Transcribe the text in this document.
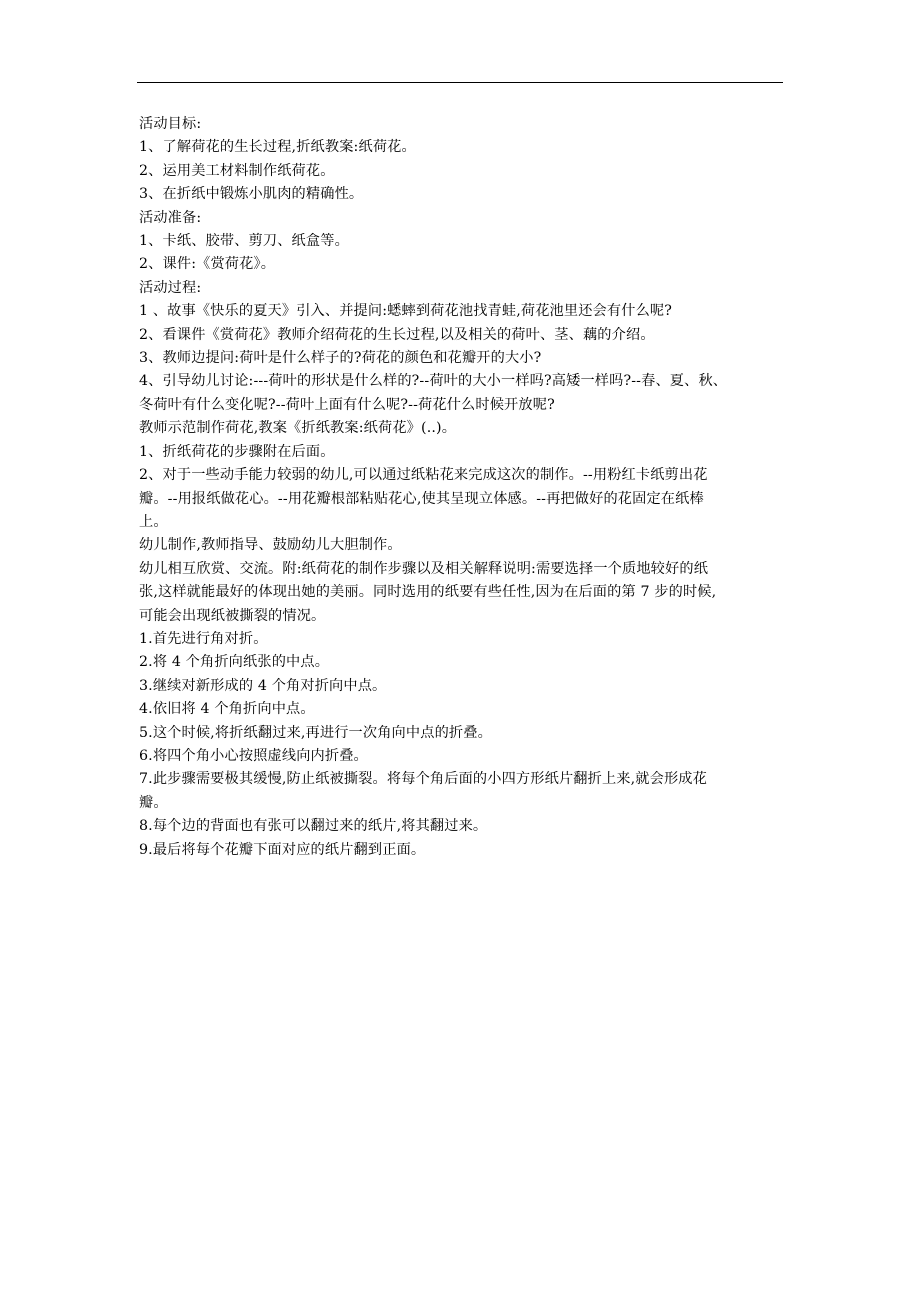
活动目标:
1、了解荷花的生长过程,折纸教案:纸荷花。
2、运用美工材料制作纸荷花。
3、在折纸中锻炼小肌肉的精确性。
活动准备:
1、卡纸、胶带、剪刀、纸盒等。
2、课件:《赏荷花》。
活动过程:
1 、故事《快乐的夏天》引入、并提问:蟋蟀到荷花池找青蛙,荷花池里还会有什么呢?
2、看课件《赏荷花》教师介绍荷花的生长过程,以及相关的荷叶、茎、藕的介绍。
3、教师边提问:荷叶是什么样子的?荷花的颜色和花瓣开的大小?
4、引导幼儿讨论:---荷叶的形状是什么样的?--荷叶的大小一样吗?高矮一样吗?--春、夏、秋、
冬荷叶有什么变化呢?--荷叶上面有什么呢?--荷花什么时候开放呢?
教师示范制作荷花,教案《折纸教案:纸荷花》(..)。
1、折纸荷花的步骤附在后面。
2、对于一些动手能力较弱的幼儿,可以通过纸粘花来完成这次的制作。--用粉红卡纸剪出花
瓣。--用报纸做花心。--用花瓣根部粘贴花心,使其呈现立体感。--再把做好的花固定在纸棒
上。
幼儿制作,教师指导、鼓励幼儿大胆制作。
幼儿相互欣赏、交流。附:纸荷花的制作步骤以及相关解释说明:需要选择一个质地较好的纸
张,这样就能最好的体现出她的美丽。同时选用的纸要有些任性,因为在后面的第 7 步的时候,
可能会出现纸被撕裂的情况。
1.首先进行角对折。
2.将 4 个角折向纸张的中点。
3.继续对新形成的 4 个角对折向中点。
4.依旧将 4 个角折向中点。
5.这个时候,将折纸翻过来,再进行一次角向中点的折叠。
6.将四个角小心按照虚线向内折叠。
7.此步骤需要极其缓慢,防止纸被撕裂。将每个角后面的小四方形纸片翻折上来,就会形成花
瓣。
8.每个边的背面也有张可以翻过来的纸片,将其翻过来。
9.最后将每个花瓣下面对应的纸片翻到正面。
